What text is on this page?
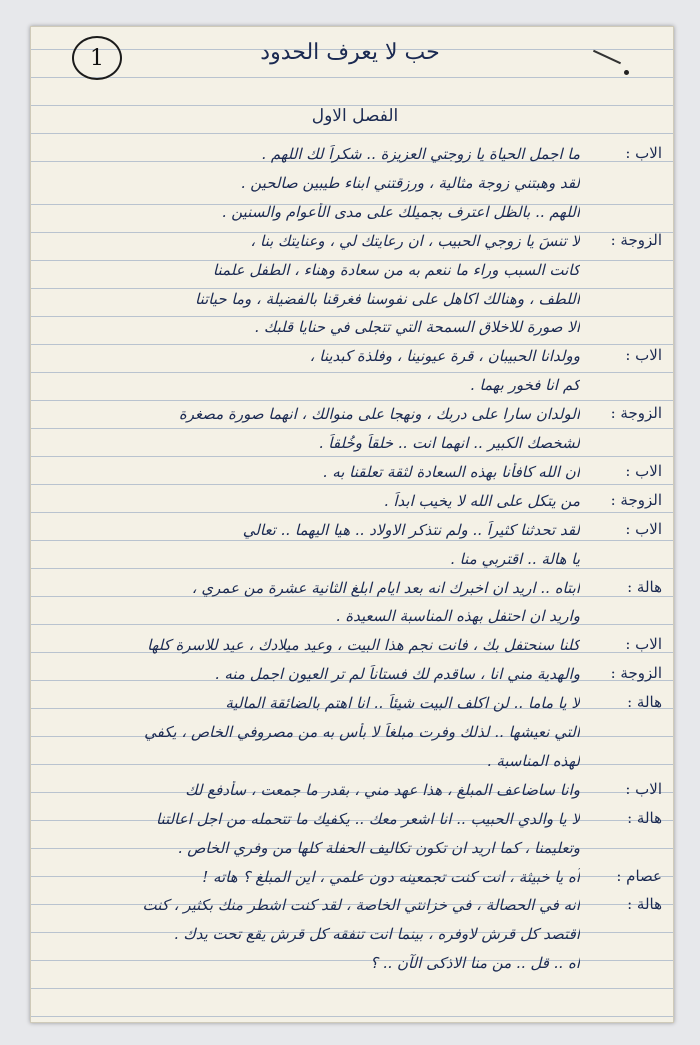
1	حب لا يعرف الحدود
الفصل الاول
الاب :
ما اجمل الحياة يا زوجتي العزيزة .. شكراً لك اللهم .
لقد وهبتني زوجة مثالية ، ورزقتني ابناء طيبين صالحين .
اللهم .. بالظل اعترف بجميلك على مدى الأعوام والسنين .
الزوجة :
لا تنسَ يا زوجي الحبيب ، ان رعايتك لي ، وعنايتك بنا ،
كانت السبب وراء ما ننعم به من سعادة وهناء ، الطفل علمنا
اللطف ، وهنالك اكاهل على نفوسنا فغرقنا بالفضيلة ، وما حياتنا
الا صورة للاخلاق السمحة التي تتجلى في حنايا قلبك .
الاب :
وولدانا الحبيبان ، قرة عيونينا ، وفلذة كبدينا ،
كم انا فخور بهما .
الزوجة :
الولدان سارا على دربك ، ونهجا على منوالك ، انهما صورة مصغرة
لشخصك الكبير .. انهما انت .. خلقاً وخُلقاً .
الاب :
ان الله كافأنا بهذه السعادة لثقة تعلقنا به .
الزوجة :
من يتكل على الله لا يخيب ابداً .
الاب :
لقد تحدثنا كثيراً .. ولم نتذكر الاولاد .. هيا اليهما .. تعالي
يا هالة .. اقتربي منا .
هالة :
ابتاه .. اريد ان اخبرك انه بعد ايام ابلغ الثانية عشرة من عمري ،
واريد ان احتفل بهذه المناسبة السعيدة .
الاب :
كلنا سنحتفل بك ، فانت نجم هذا البيت ، وعيد ميلادك ، عيد للاسرة كلها
الزوجة :
والهدية مني انا ، ساقدم لك فستاناً لم تر العيون اجمل منه .
هالة :
لا يا ماما .. لن اكلف البيت شيئاً .. انا اهتم بالضائقة المالية
التي نعيشها .. لذلك وفرت مبلغاً لا بأس به من مصروفي الخاص ، يكفي
لهذه المناسبة .
الاب :
وانا ساضاعف المبلغ ، هذا عهد مني ، بقدر ما جمعت ، سأدفع لك
هالة :
لا يا والدي الحبيب .. انا اشعر معك .. يكفيك ما تتحمله من اجل اعالتنا
وتعليمنا ، كما اريد ان تكون تكاليف الحفلة كلها من وفري الخاص .
عصام :
آه يا خبيثة ، انت كنت تجمعينه دون علمي ، اين المبلغ ؟ هاته !
هالة :
انه في الحصالة ، في خزانتي الخاصة ، لقد كنت اشطر منك بكثير ، كنت
اقتصد كل قرش لاوفره ، بينما انت تنفقه كل قرش يقع تحت يدك .
اه .. قل .. من منا الاذكى الآن .. ؟
